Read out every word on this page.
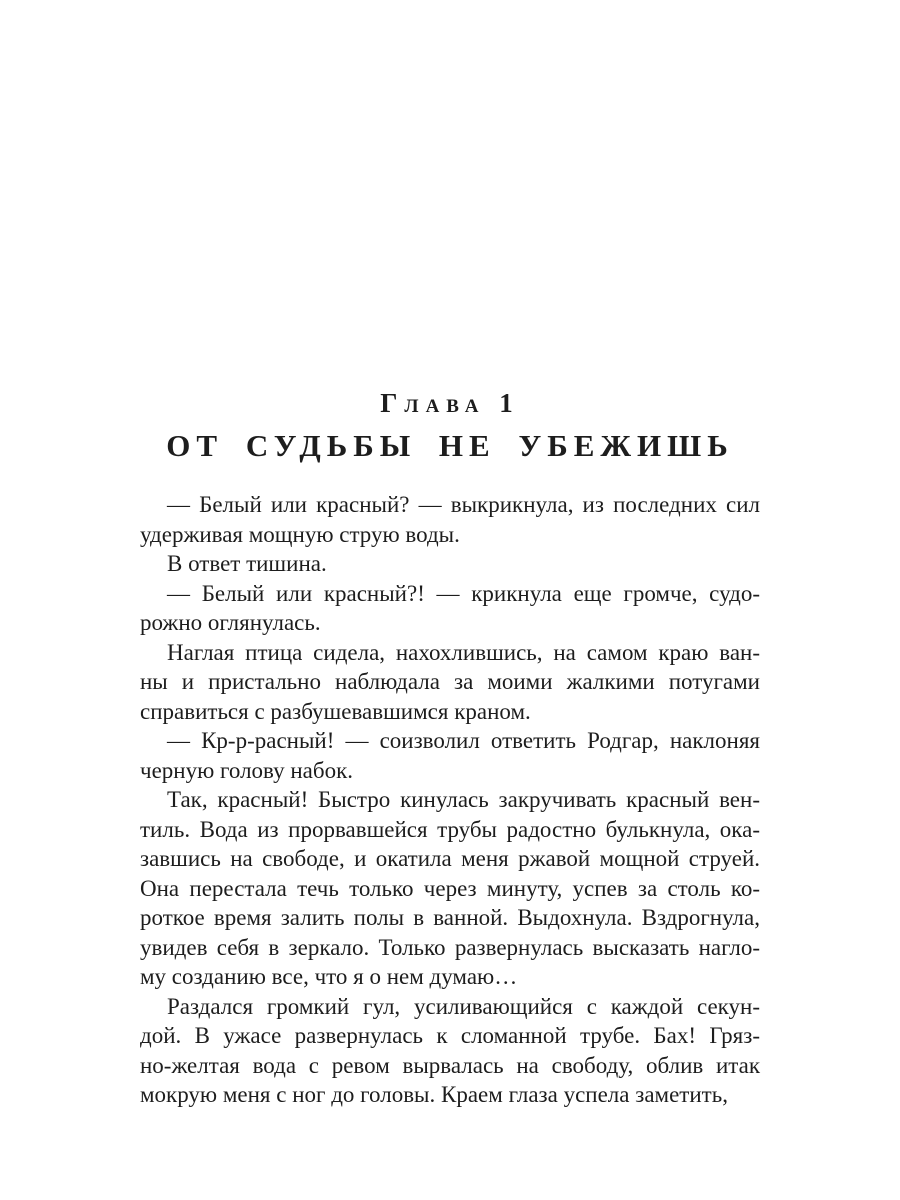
Глава 1
ОТ СУДЬБЫ НЕ УБЕЖИШЬ
— Белый или красный? — выкрикнула, из последних сил
удерживая мощную струю воды.
В ответ тишина.
— Белый или красный?! — крикнула еще громче, судо-
рожно оглянулась.
Наглая птица сидела, нахохлившись, на самом краю ван-
ны и пристально наблюдала за моими жалкими потугами
справиться с разбушевавшимся краном.
— Кр-р-расный! — соизволил ответить Родгар, наклоняя
черную голову набок.
Так, красный! Быстро кинулась закручивать красный вен-
тиль. Вода из прорвавшейся трубы радостно булькнула, ока-
завшись на свободе, и окатила меня ржавой мощной струей.
Она перестала течь только через минуту, успев за столь ко-
роткое время залить полы в ванной. Выдохнула. Вздрогнула,
увидев себя в зеркало. Только развернулась высказать нагло-
му созданию все, что я о нем думаю…
Раздался громкий гул, усиливающийся с каждой секун-
дой. В ужасе развернулась к сломанной трубе. Бах! Гряз-
но-желтая вода с ревом вырвалась на свободу, облив итак
мокрую меня с ног до головы. Краем глаза успела заметить,
